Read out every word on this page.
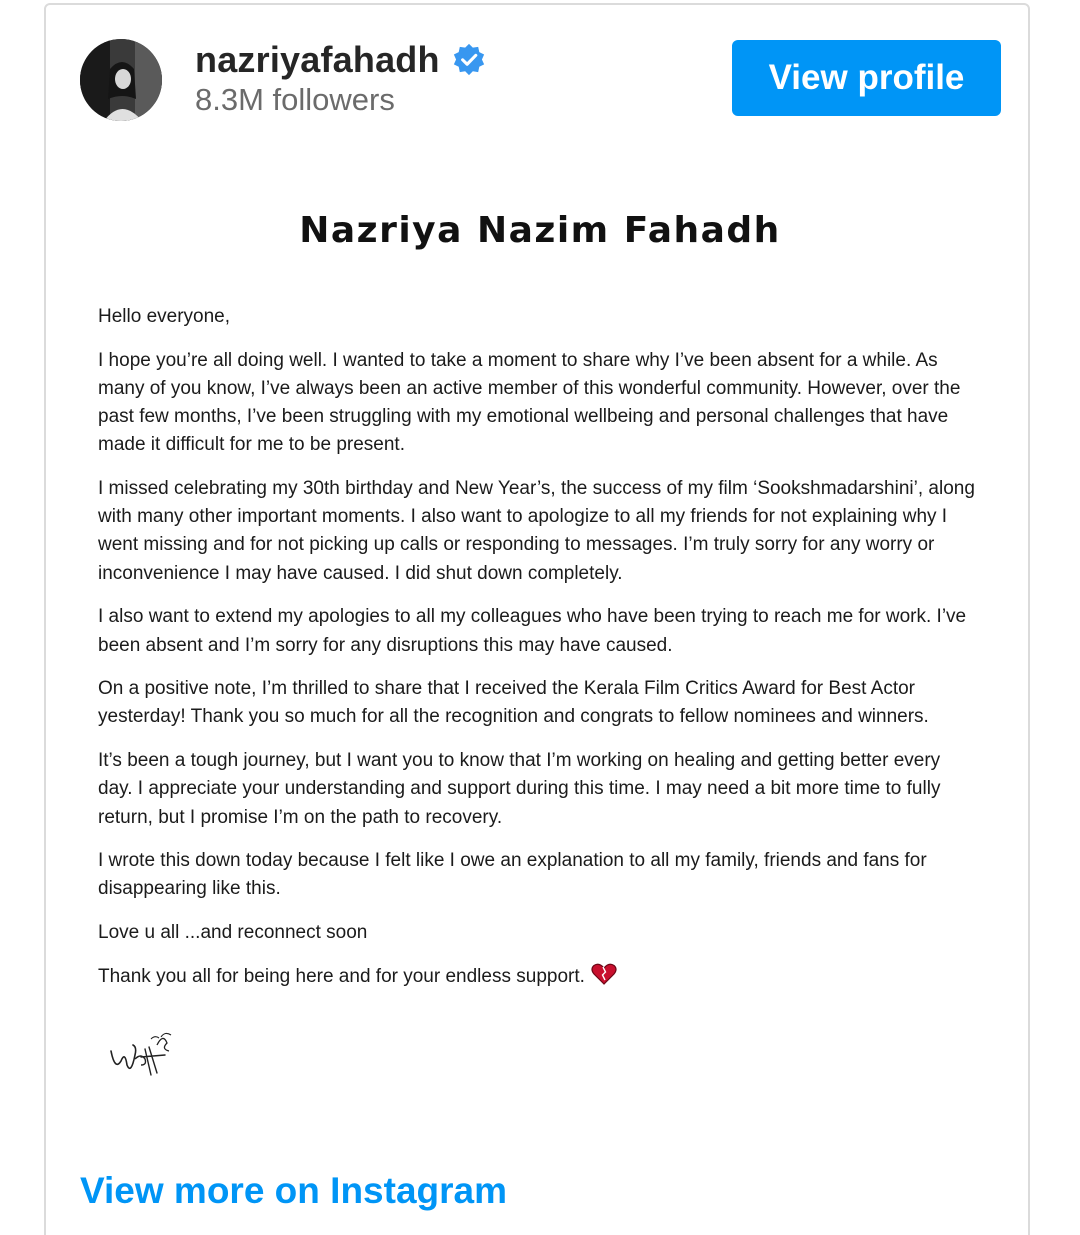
nazriyafahadh
8.3M followers
View profile
Nazriya Nazim Fahadh

Hello everyone,

I hope you’re all doing well. I wanted to take a moment to share why I’ve been absent for a while. As many of you know, I’ve always been an active member of this wonderful community. However, over the past few months, I’ve been struggling with my emotional wellbeing and personal challenges that have made it difficult for me to be present.

I missed celebrating my 30th birthday and New Year’s, the success of my film ‘Sookshmadarshini’, along with many other important moments. I also want to apologize to all my friends for not explaining why I went missing and for not picking up calls or responding to messages. I’m truly sorry for any worry or inconvenience I may have caused. I did shut down completely.

I also want to extend my apologies to all my colleagues who have been trying to reach me for work. I’ve been absent and I’m sorry for any disruptions this may have caused.

On a positive note, I’m thrilled to share that I received the Kerala Film Critics Award for Best Actor yesterday! Thank you so much for all the recognition and congrats to fellow nominees and winners.

It’s been a tough journey, but I want you to know that I’m working on healing and getting better every day. I appreciate your understanding and support during this time. I may need a bit more time to fully return, but I promise I’m on the path to recovery.

I wrote this down today because I felt like I owe an explanation to all my family, friends and fans for disappearing like this.

Love u all ...and reconnect soon

Thank you all for being here and for your endless support.

View more on Instagram
